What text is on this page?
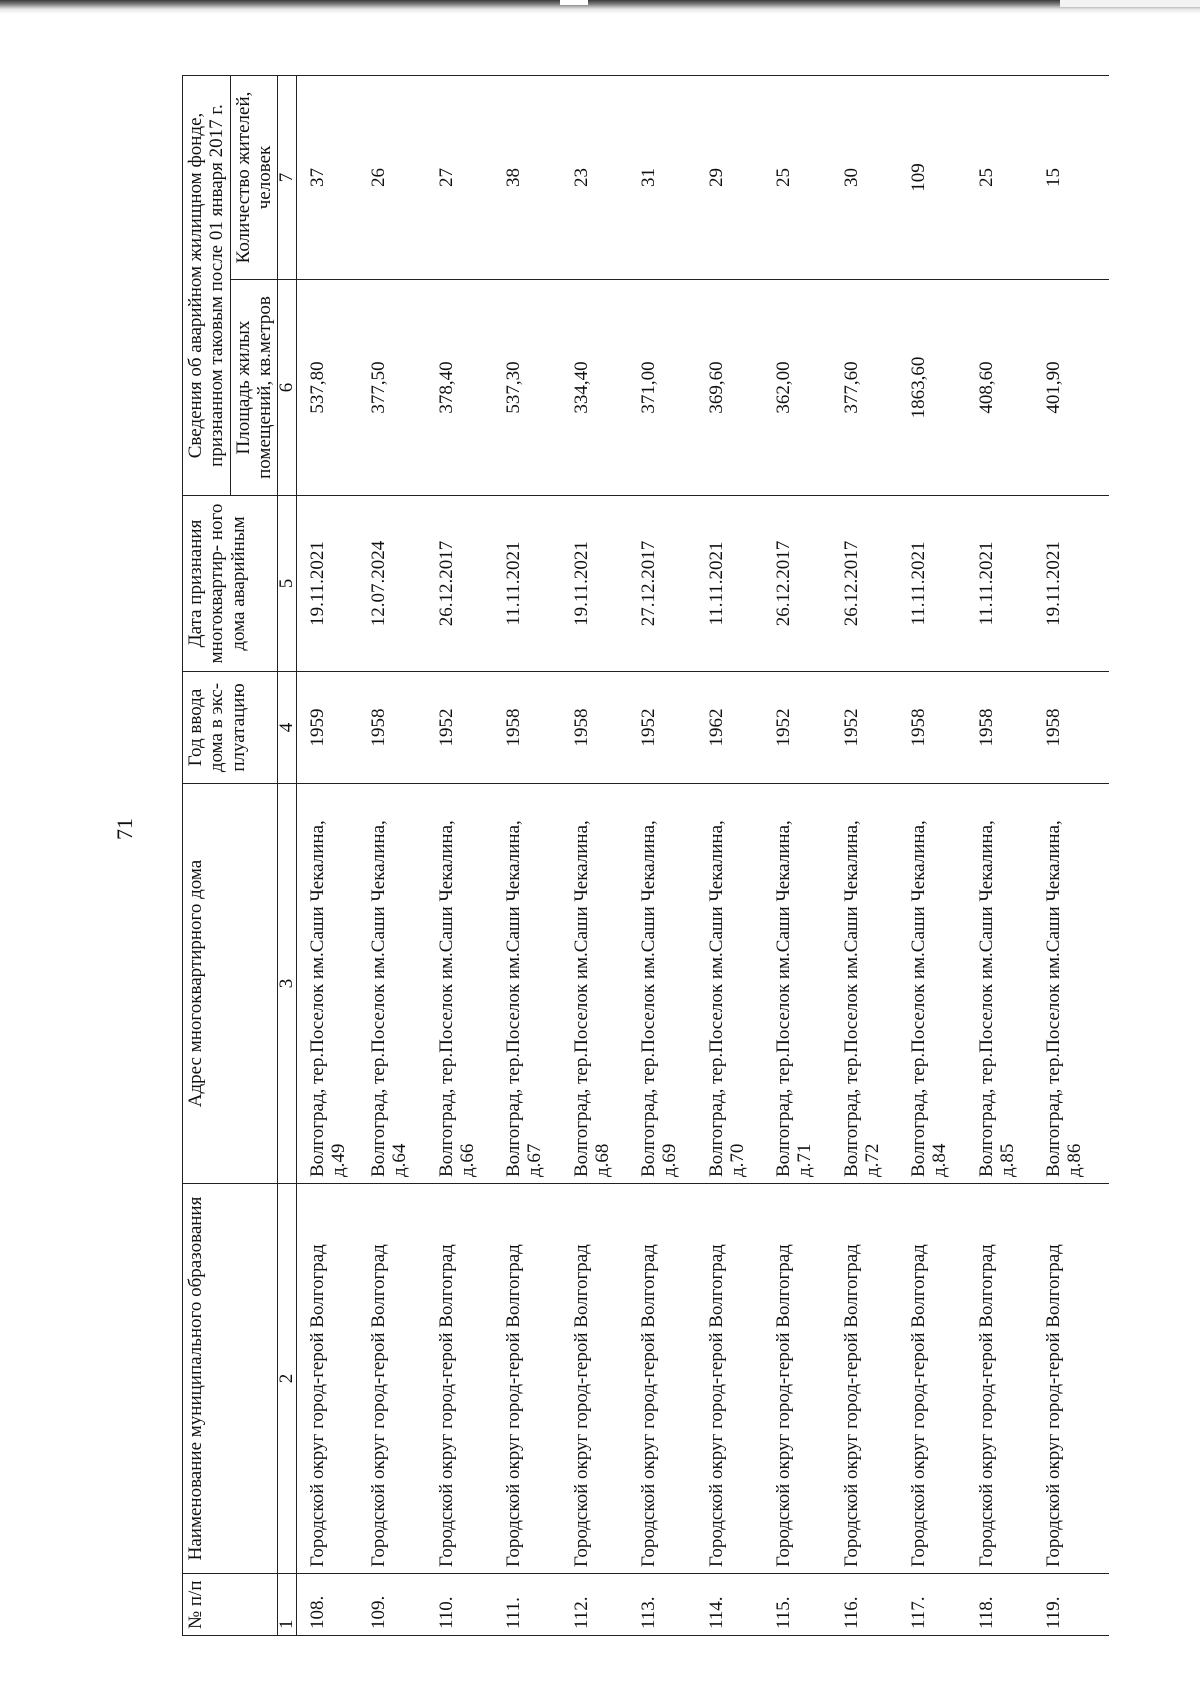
71
№ п/п	Наименование муниципального образования	Адрес многоквартирного дома	Год ввода дома в экс- плуатацию	Дата признания многоквартир- ного дома аварийным	Сведения об аварийном жилищном фонде, признанном таковым после 01 января 2017 г.	
					Площадь жилых помещений, кв.метров	Количество жителей, человек
1	2	3	4	5	6	7
108.	Городской округ город-герой Волгоград	Волгоград, тер.Поселок им.Саши Чекалина, д.49	1959	19.11.2021	537,80	37
109.	Городской округ город-герой Волгоград	Волгоград, тер.Поселок им.Саши Чекалина, д.64	1958	12.07.2024	377,50	26
110.	Городской округ город-герой Волгоград	Волгоград, тер.Поселок им.Саши Чекалина, д.66	1952	26.12.2017	378,40	27
111.	Городской округ город-герой Волгоград	Волгоград, тер.Поселок им.Саши Чекалина, д.67	1958	11.11.2021	537,30	38
112.	Городской округ город-герой Волгоград	Волгоград, тер.Поселок им.Саши Чекалина, д.68	1958	19.11.2021	334,40	23
113.	Городской округ город-герой Волгоград	Волгоград, тер.Поселок им.Саши Чекалина, д.69	1952	27.12.2017	371,00	31
114.	Городской округ город-герой Волгоград	Волгоград, тер.Поселок им.Саши Чекалина, д.70	1962	11.11.2021	369,60	29
115.	Городской округ город-герой Волгоград	Волгоград, тер.Поселок им.Саши Чекалина, д.71	1952	26.12.2017	362,00	25
116.	Городской округ город-герой Волгоград	Волгоград, тер.Поселок им.Саши Чекалина, д.72	1952	26.12.2017	377,60	30
117.	Городской округ город-герой Волгоград	Волгоград, тер.Поселок им.Саши Чекалина, д.84	1958	11.11.2021	1863,60	109
118.	Городской округ город-герой Волгоград	Волгоград, тер.Поселок им.Саши Чекалина, д.85	1958	11.11.2021	408,60	25
119.	Городской округ город-герой Волгоград	Волгоград, тер.Поселок им.Саши Чекалина, д.86	1958	19.11.2021	401,90	15
